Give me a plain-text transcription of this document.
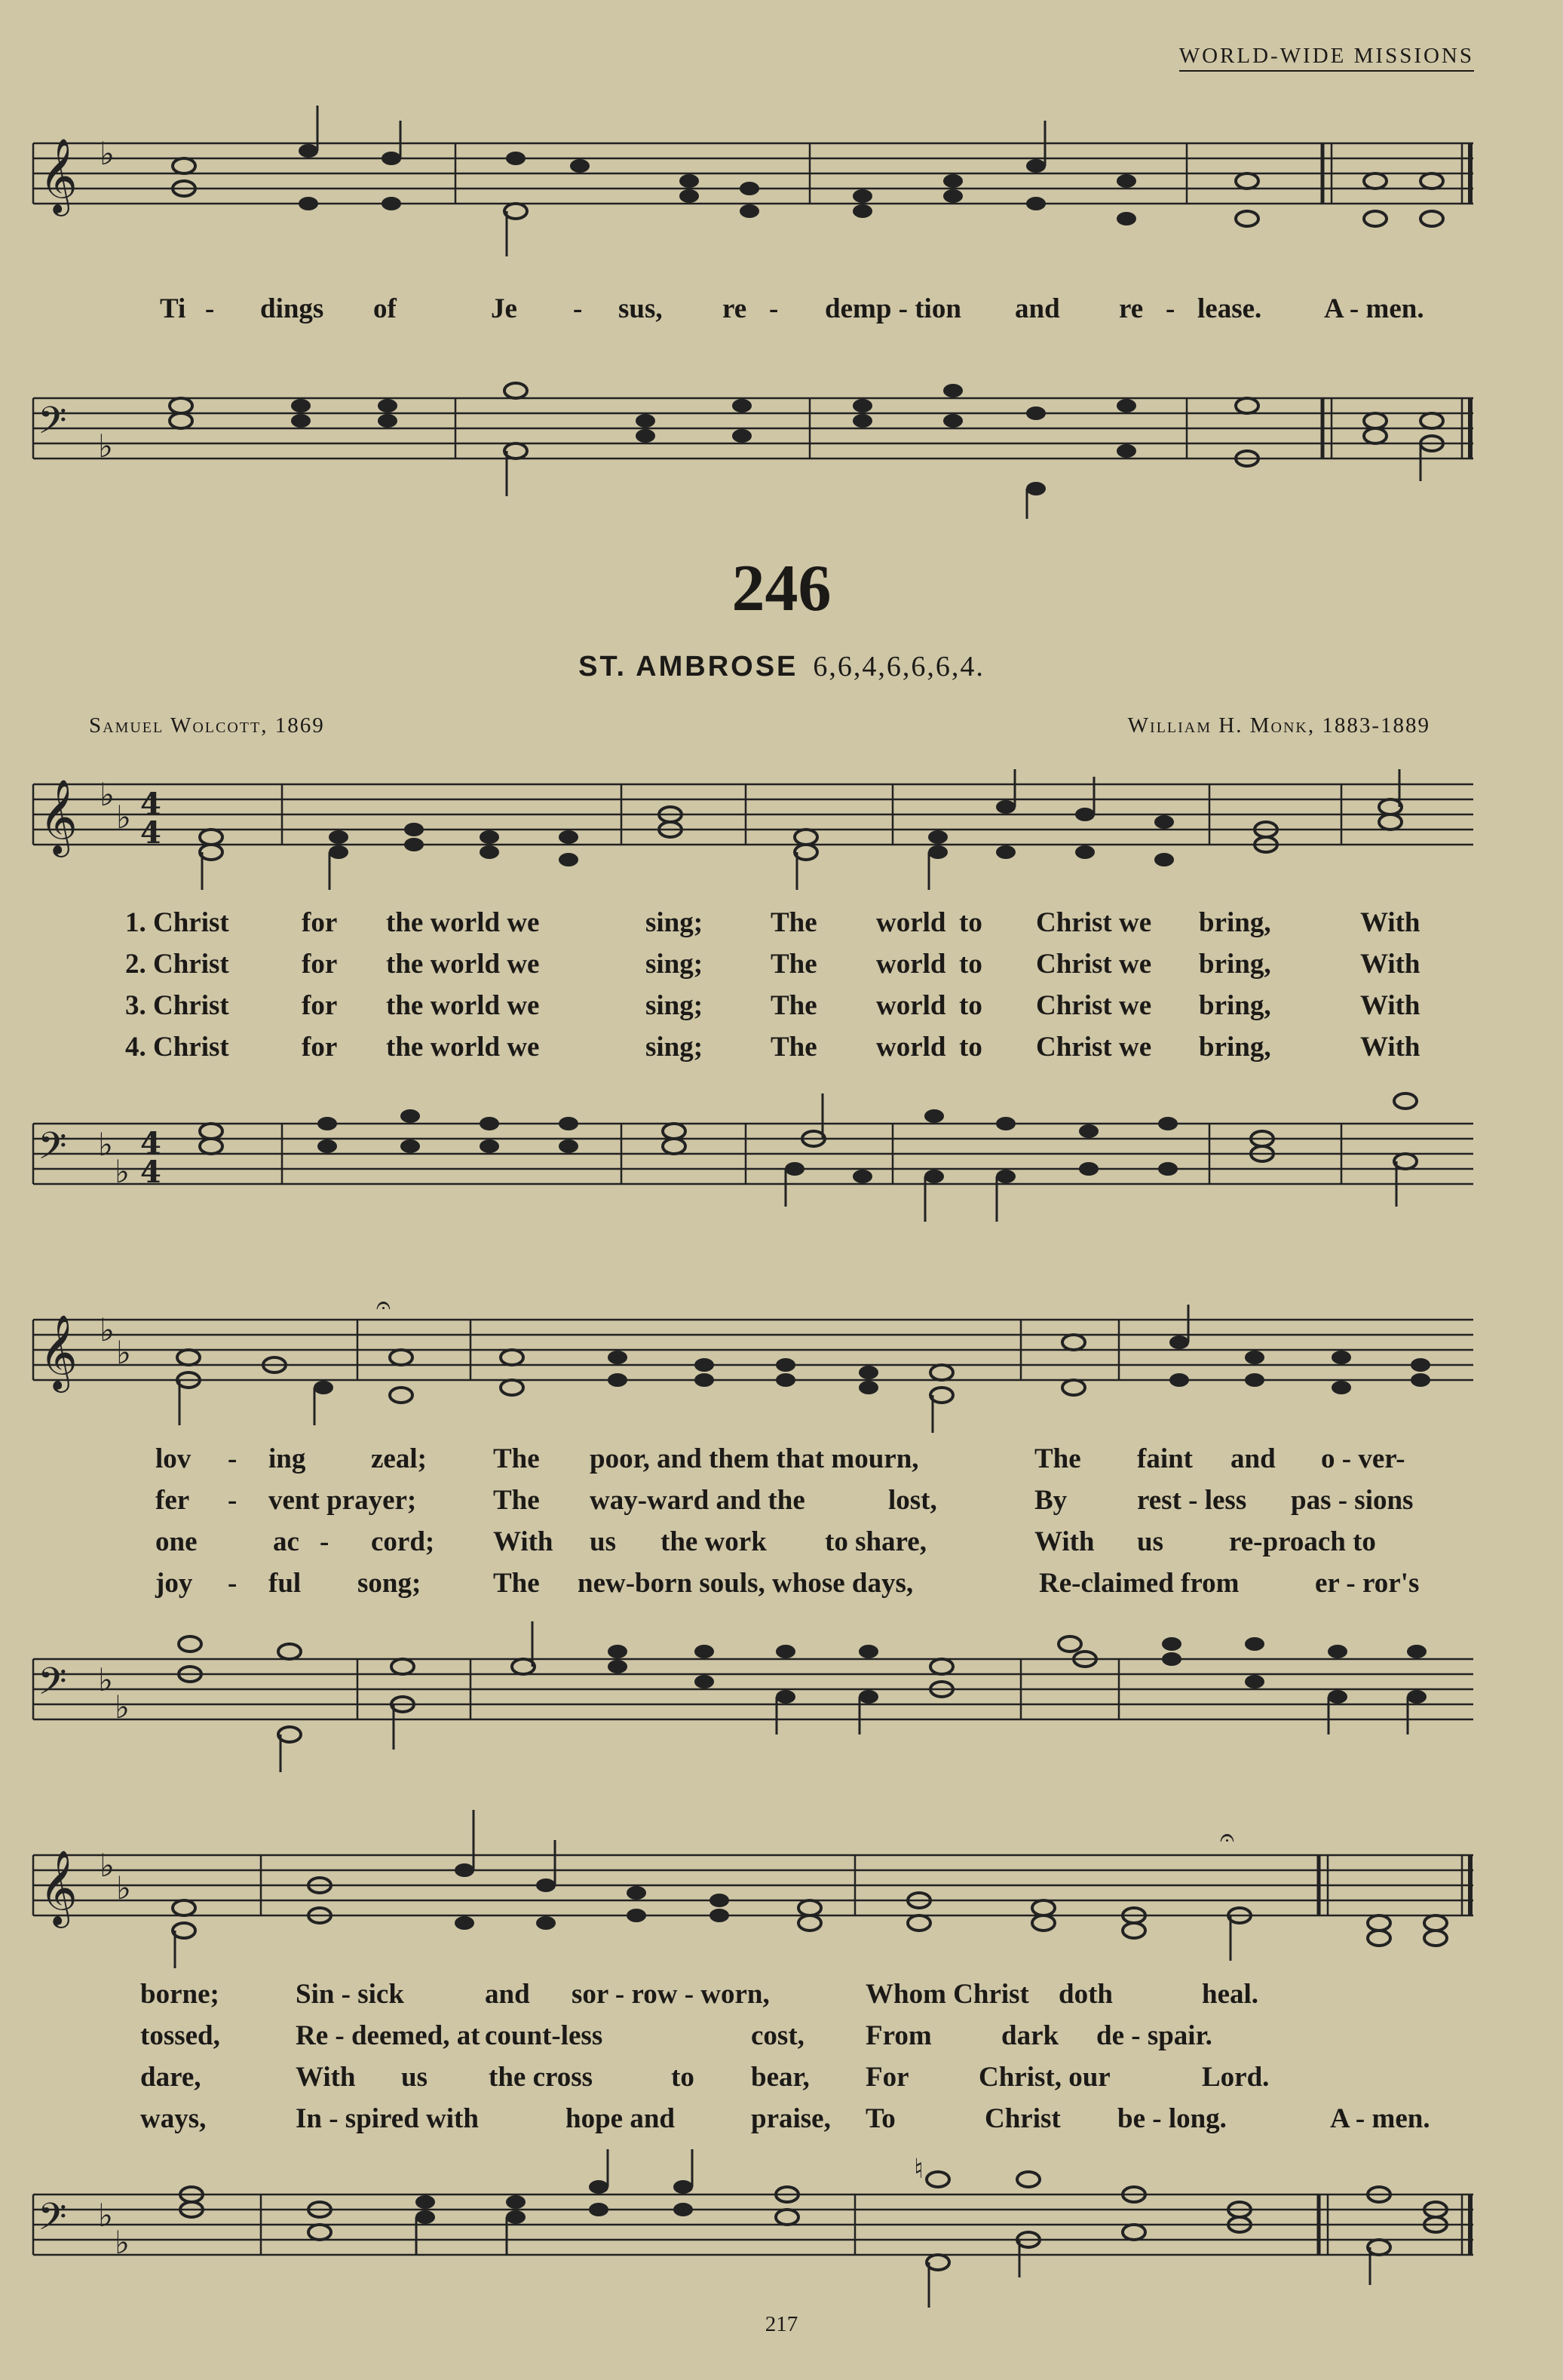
WORLD-WIDE MISSIONS
𝄞 ♭
Ti - dings of	Je - sus, re - demp - tion and re - lease. A - men.
𝄢 ♭
246
ST. AMBROSE 6,6,4,6,6,6,4.
Samuel Wolcott, 1869	William H. Monk, 1883-1889
𝄞 ♭
♭ 4
4
1. Christ	for the world we	sing; The world to Christ we bring,	With
2. Christ	for the world we	sing; The world to Christ we bring,	With
3. Christ	for the world we	sing; The world to Christ we bring,	With
4. Christ	for the world we	sing; The world to Christ we bring,	With
𝄢 ♭
♭
4
4
𝄞 ♭
♭
𝄐
lov - ing zeal; The poor, and them that mourn,	The faint and o - ver-
fer - vent prayer;	The way-ward and the	lost,	By	rest - less pas - sions
one	ac - cord; With us the work to share,	With us re-proach to
joy - ful song;	The new-born souls, whose days,	Re-claimed from	er - ror's
𝄢 ♭
♭
𝄞 ♭
♭
𝄐
borne;	Sin - sick	and sor - row - worn,	Whom Christ doth	heal.
tossed,	Re - deemed, at count-less	cost, From dark de - spair.
dare,	With us the cross	to bear, For Christ, our	Lord.
ways,	In - spired with	hope and	praise, To	Christ be - long.	A - men.
𝄢 ♭
♭
♮
217
